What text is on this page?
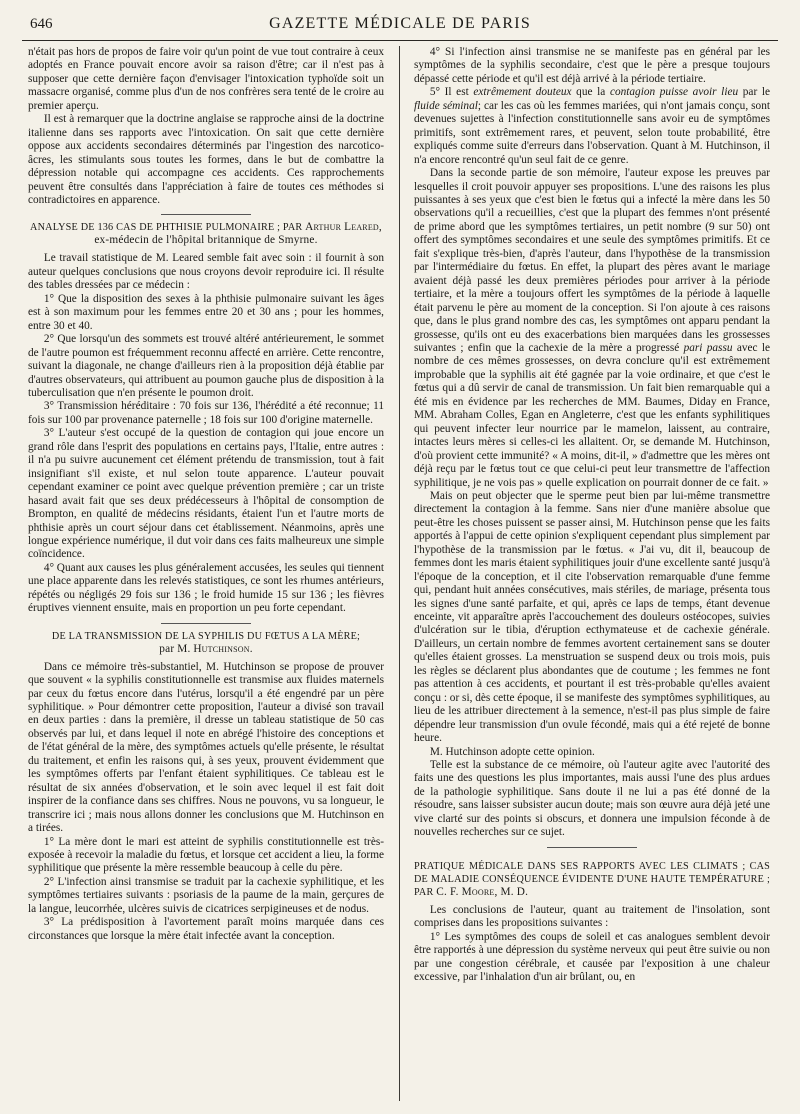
646	GAZETTE MÉDICALE DE PARIS

n'était pas hors de propos de faire voir qu'un point de vue tout contraire à ceux adoptés en France pouvait encore avoir sa raison d'être; car il n'est pas à supposer que cette dernière façon d'envisager l'intoxication typhoïde soit un massacre organisé, comme plus d'un de nos confrères sera tenté de le croire au premier aperçu.

Il est à remarquer que la doctrine anglaise se rapproche ainsi de la doctrine italienne dans ses rapports avec l'intoxication. On sait que cette dernière oppose aux accidents secondaires déterminés par l'ingestion des narcotico-âcres, les stimulants sous toutes les formes, dans le but de combattre la dépression notable qui accompagne ces accidents. Ces rapprochements peuvent être consultés dans l'appréciation à faire de toutes ces méthodes si contradictoires en apparence.

ANALYSE DE 136 CAS DE PHTHISIE PULMONAIRE ; PAR Arthur Leared, ex-médecin de l'hôpital britannique de Smyrne.

Le travail statistique de M. Leared semble fait avec soin : il fournit à son auteur quelques conclusions que nous croyons devoir reproduire ici. Il résulte des tables dressées par ce médecin :

1° Que la disposition des sexes à la phthisie pulmonaire suivant les âges est à son maximum pour les femmes entre 20 et 30 ans ; pour les hommes, entre 30 et 40.

2° Que lorsqu'un des sommets est trouvé altéré antérieurement, le sommet de l'autre poumon est fréquemment reconnu affecté en arrière. Cette rencontre, suivant la diagonale, ne change d'ailleurs rien à la proposition déjà établie par d'autres observateurs, qui attribuent au poumon gauche plus de disposition à la tuberculisation que n'en présente le poumon droit.

3° Transmission héréditaire : 70 fois sur 136, l'hérédité a été reconnue; 11 fois sur 100 par provenance paternelle ; 18 fois sur 100 d'origine maternelle.

3° L'auteur s'est occupé de la question de contagion qui joue encore un grand rôle dans l'esprit des populations en certains pays, l'Italie, entre autres : il n'a pu suivre aucunement cet élément prétendu de transmission, tout à fait insignifiant s'il existe, et nul selon toute apparence. L'auteur pouvait cependant examiner ce point avec quelque prévention première ; car un triste hasard avait fait que ses deux prédécesseurs à l'hôpital de consomption de Brompton, en qualité de médecins résidants, étaient l'un et l'autre morts de phthisie après un court séjour dans cet établissement. Néanmoins, après une longue expérience numérique, il dut voir dans ces faits malheureux une simple coïncidence.

4° Quant aux causes les plus généralement accusées, les seules qui tiennent une place apparente dans les relevés statistiques, ce sont les rhumes antérieurs, répétés ou négligés 29 fois sur 136 ; le froid humide 15 sur 136 ; les fièvres éruptives viennent ensuite, mais en proportion un peu forte cependant.

DE LA TRANSMISSION DE LA SYPHILIS DU FŒTUS A LA MÈRE;
par M. Hutchinson.

Dans ce mémoire très-substantiel, M. Hutchinson se propose de prouver que souvent « la syphilis constitutionnelle est transmise aux fluides maternels par ceux du fœtus encore dans l'utérus, lorsqu'il a été engendré par un père syphilitique. » Pour démontrer cette proposition, l'auteur a divisé son travail en deux parties : dans la première, il dresse un tableau statistique de 50 cas observés par lui, et dans lequel il note en abrégé l'histoire des conceptions et de l'état général de la mère, des symptômes actuels qu'elle présente, le résultat du traitement, et enfin les raisons qui, à ses yeux, prouvent évidemment que les symptômes offerts par l'enfant étaient syphilitiques. Ce tableau est le résultat de six années d'observation, et le soin avec lequel il est fait doit inspirer de la confiance dans ses chiffres. Nous ne pouvons, vu sa longueur, le transcrire ici ; mais nous allons donner les conclusions que M. Hutchinson en a tirées.

1° La mère dont le mari est atteint de syphilis constitutionnelle est très-exposée à recevoir la maladie du fœtus, et lorsque cet accident a lieu, la forme syphilitique que présente la mère ressemble beaucoup à celle du père.

2° L'infection ainsi transmise se traduit par la cachexie syphilitique, et les symptômes tertiaires suivants : psoriasis de la paume de la main, gerçures de la langue, leucorrhée, ulcères suivis de cicatrices serpigineuses et de nodus.

3° La prédisposition à l'avortement paraît moins marquée dans ces circonstances que lorsque la mère était infectée avant la conception.

4° Si l'infection ainsi transmise ne se manifeste pas en général par les symptômes de la syphilis secondaire, c'est que le père a presque toujours dépassé cette période et qu'il est déjà arrivé à la période tertiaire.

5° Il est extrêmement douteux que la contagion puisse avoir lieu par le fluide séminal; car les cas où les femmes mariées, qui n'ont jamais conçu, sont devenues sujettes à l'infection constitutionnelle sans avoir eu de symptômes primitifs, sont extrêmement rares, et peuvent, selon toute probabilité, être expliqués comme suite d'erreurs dans l'observation. Quant à M. Hutchinson, il n'a encore rencontré qu'un seul fait de ce genre.

Dans la seconde partie de son mémoire, l'auteur expose les preuves par lesquelles il croit pouvoir appuyer ses propositions. L'une des raisons les plus puissantes à ses yeux que c'est bien le fœtus qui a infecté la mère dans les 50 observations qu'il a recueillies, c'est que la plupart des femmes n'ont présenté de prime abord que les symptômes tertiaires, un petit nombre (9 sur 50) ont offert des symptômes secondaires et une seule des symptômes primitifs. Et ce fait s'explique très-bien, d'après l'auteur, dans l'hypothèse de la transmission par l'intermédiaire du fœtus. En effet, la plupart des pères avant le mariage avaient déjà passé les deux premières périodes pour arriver à la période tertiaire, et la mère a toujours offert les symptômes de la période à laquelle était parvenu le père au moment de la conception. Si l'on ajoute à ces raisons que, dans le plus grand nombre des cas, les symptômes ont apparu pendant la grossesse, qu'ils ont eu des exacerbations bien marquées dans les grossesses suivantes ; enfin que la cachexie de la mère a progressé pari passu avec le nombre de ces mêmes grossesses, on devra conclure qu'il est extrêmement improbable que la syphilis ait été gagnée par la voie ordinaire, et que c'est le fœtus qui a dû servir de canal de transmission. Un fait bien remarquable qui a été mis en évidence par les recherches de MM. Baumes, Diday en France, MM. Abraham Colles, Egan en Angleterre, c'est que les enfants syphilitiques qui peuvent infecter leur nourrice par le mamelon, laissent, au contraire, intactes leurs mères si celles-ci les allaitent. Or, se demande M. Hutchinson, d'où provient cette immunité? « A moins, dit-il, » d'admettre que les mères ont déjà reçu par le fœtus tout ce que celui-ci peut leur transmettre de l'affection syphilitique, je ne vois pas » quelle explication on pourrait donner de ce fait. »

Mais on peut objecter que le sperme peut bien par lui-même transmettre directement la contagion à la femme. Sans nier d'une manière absolue que peut-être les choses puissent se passer ainsi, M. Hutchinson pense que les faits apportés à l'appui de cette opinion s'expliquent cependant plus simplement par l'hypothèse de la transmission par le fœtus. « J'ai vu, dit il, beaucoup de femmes dont les maris étaient syphilitiques jouir d'une excellente santé jusqu'à l'époque de la conception, et il cite l'observation remarquable d'une femme qui, pendant huit années consécutives, mais stériles, de mariage, présenta tous les signes d'une santé parfaite, et qui, après ce laps de temps, étant devenue enceinte, vit apparaître après l'accouchement des douleurs ostéocopes, suivies d'ulcération sur le tibia, d'éruption ecthymateuse et de cachexie générale. D'ailleurs, un certain nombre de femmes avortent certainement sans se douter qu'elles étaient grosses. La menstruation se suspend deux ou trois mois, puis les règles se déclarent plus abondantes que de coutume ; les femmes ne font pas attention à ces accidents, et pourtant il est très-probable qu'elles avaient conçu : or si, dès cette époque, il se manifeste des symptômes syphilitiques, au lieu de les attribuer directement à la semence, n'est-il pas plus simple de faire dépendre leur transmission d'un ovule fécondé, mais qui a été rejeté de bonne heure.

M. Hutchinson adopte cette opinion.

Telle est la substance de ce mémoire, où l'auteur agite avec l'autorité des faits une des questions les plus importantes, mais aussi l'une des plus ardues de la pathologie syphilitique. Sans doute il ne lui a pas été donné de la résoudre, sans laisser subsister aucun doute; mais son œuvre aura déjà jeté une vive clarté sur des points si obscurs, et donnera une impulsion féconde à de nouvelles recherches sur ce sujet.

PRATIQUE MÉDICALE DANS SES RAPPORTS AVEC LES CLIMATS ; CAS DE MALADIE CONSÉQUENCE ÉVIDENTE D'UNE HAUTE TEMPÉRATURE ; PAR C. F. Moore, M. D.

Les conclusions de l'auteur, quant au traitement de l'insolation, sont comprises dans les propositions suivantes :

1° Les symptômes des coups de soleil et cas analogues semblent devoir être rapportés à une dépression du système nerveux qui peut être suivie ou non par une congestion cérébrale, et causée par l'exposition à une chaleur excessive, par l'inhalation d'un air brûlant, ou, en
